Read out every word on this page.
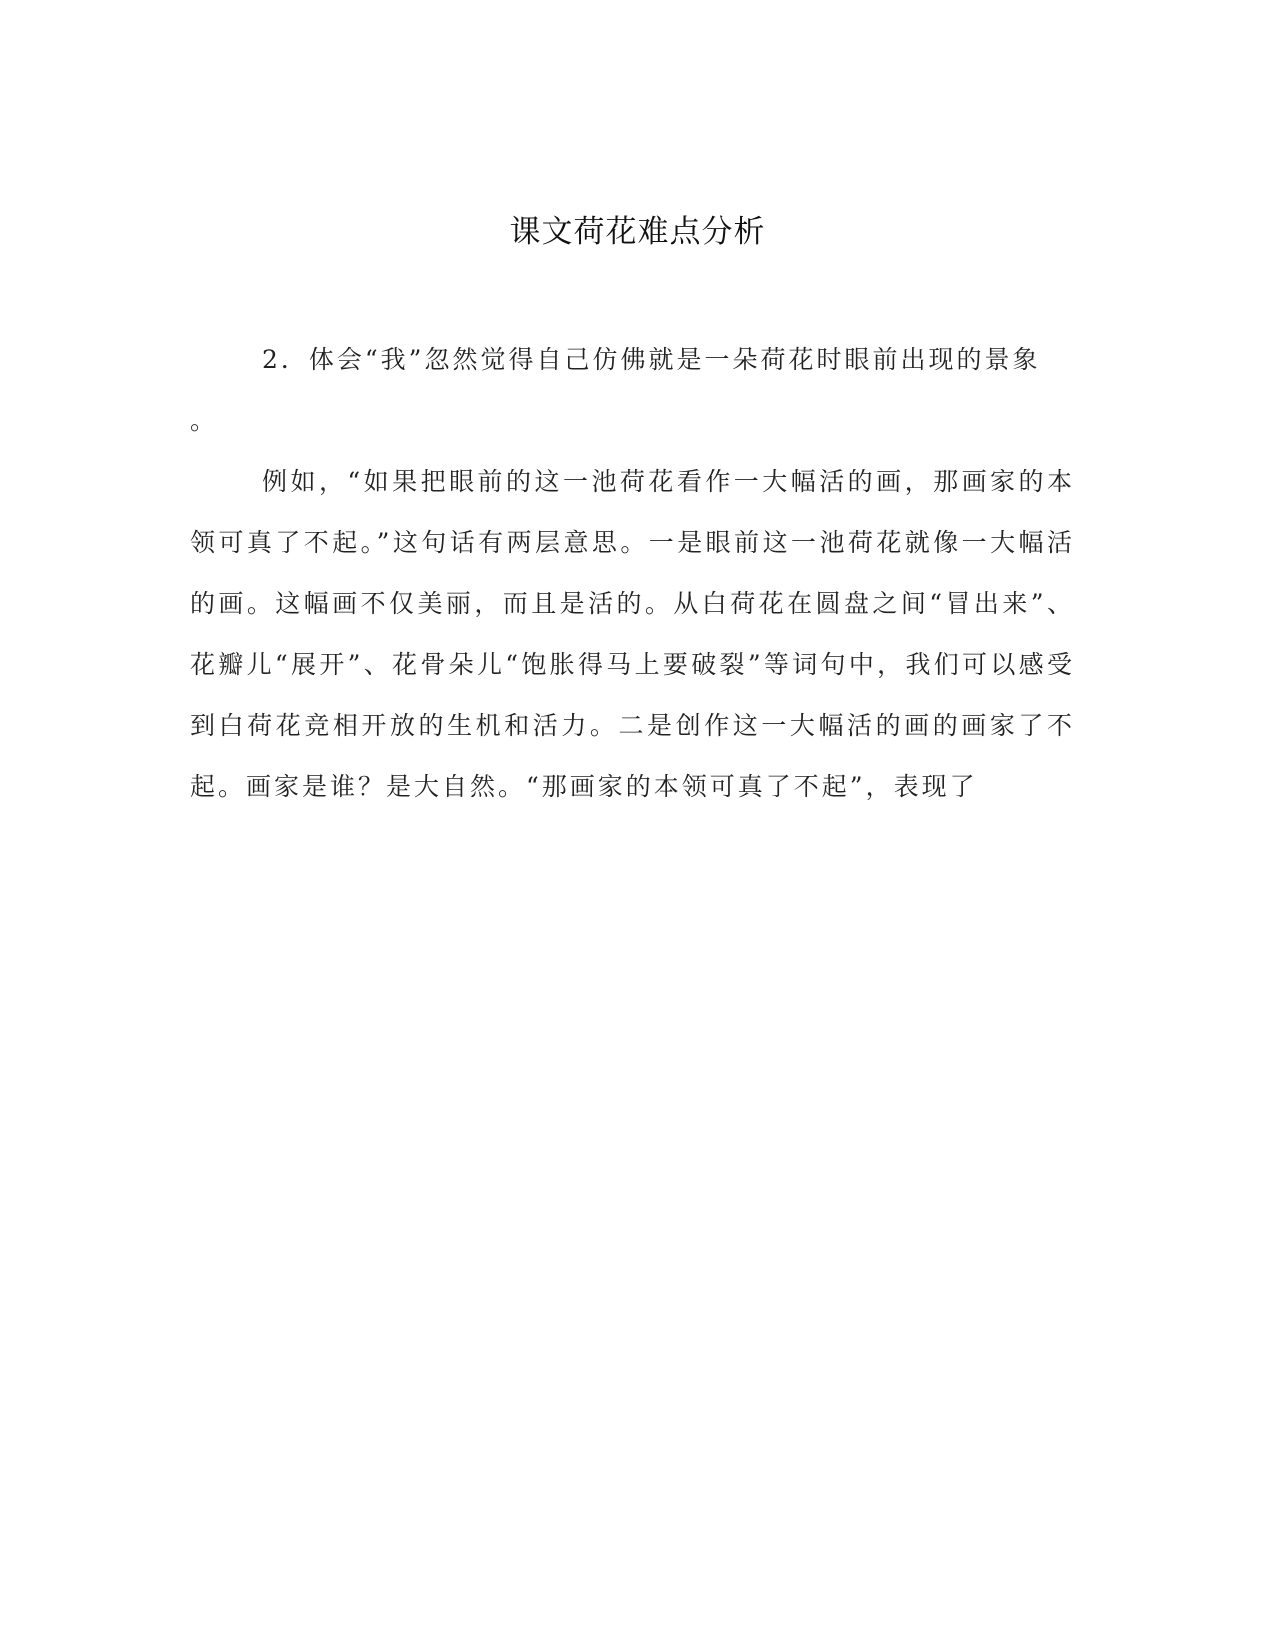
课文荷花难点分析

2．体会“我”忽然觉得自己仿佛就是一朵荷花时眼前出现的景象

。

例如，“如果把眼前的这一池荷花看作一大幅活的画，那画家的本领可真了不起。”这句话有两层意思。一是眼前这一池荷花就像一大幅活的画。这幅画不仅美丽，而且是活的。从白荷花在圆盘之间“冒出来”、花瓣儿“展开”、花骨朵儿“饱胀得马上要破裂”等词句中，我们可以感受到白荷花竞相开放的生机和活力。二是创作这一大幅活的画的画家了不起。画家是谁？是大自然。“那画家的本领可真了不起”，表现了
